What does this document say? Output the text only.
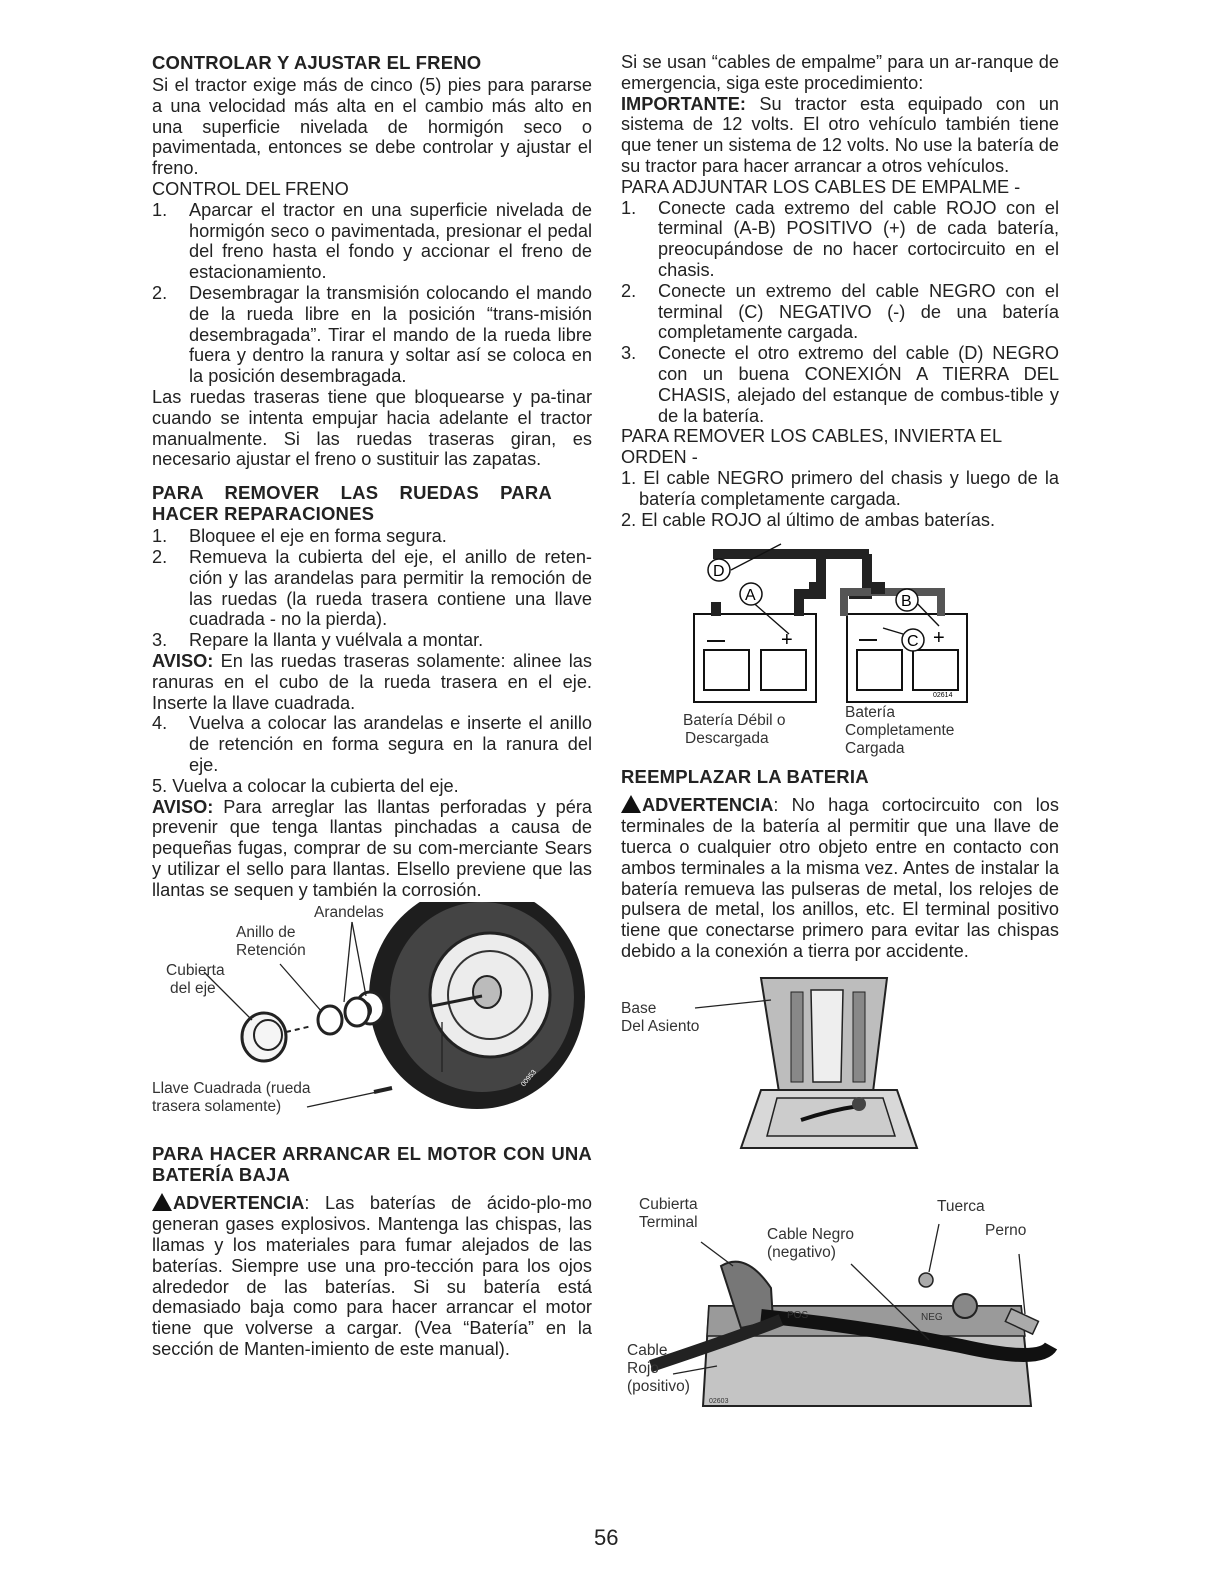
CONTROLAR Y AJUSTAR EL FRENO

Si el tractor exige más de cinco (5) pies para pararse a una velocidad más alta en el cambio más alto en una superficie nivelada de hormigón seco o pavimentada, entonces se debe controlar y ajustar el freno.

CONTROL DEL FRENO

1. Aparcar el tractor en una superficie nivelada de hormigón seco o pavimentada, presionar el pedal del freno hasta el fondo y accionar el freno de estacionamiento.
2. Desembragar la transmisión colocando el mando de la rueda libre en la posición “trans-misión desembragada”. Tirar el mando de la rueda libre fuera y dentro la ranura y soltar así se coloca en la posición desembragada.

Las ruedas traseras tiene que bloquearse y pa-tinar cuando se intenta empujar hacia adelante el tractor manualmente. Si las ruedas traseras giran, es necesario ajustar el freno o sustituir las zapatas.

PARA REMOVER LAS RUEDAS PARA HACER REPARACIONES

1. Bloquee el eje en forma segura.
2. Remueva la cubierta del eje, el anillo de reten-ción y las arandelas para permitir la remoción de las ruedas (la rueda trasera contiene una llave cuadrada - no la pierda).
3. Repare la llanta y vuélvala a montar.

AVISO: En las ruedas traseras solamente: alinee las ranuras en el cubo de la rueda trasera en el eje. Inserte la llave cuadrada.

4. Vuelva a colocar las arandelas e inserte el anillo de retención en forma segura en la ranura del eje.

5. Vuelva a colocar la cubierta del eje.

AVISO: Para arreglar las llantas perforadas y péra prevenir que tenga llantas pinchadas a causa de pequeñas fugas, comprar de su com-merciante Sears y utilizar el sello para llantas. Elsello previene que las llantas se sequen y también la corrosión.

00953
Arandelas
Anillo de
Retención
Cubierta
del eje
Llave Cuadrada (rueda
trasera solamente)

PARA HACER ARRANCAR EL MOTOR CON UNA BATERÍA BAJA

ADVERTENCIA: Las baterías de ácido-plo-mo generan gases explosivos. Mantenga las chispas, las llamas y los materiales para fumar alejados de las baterías. Siempre use una pro-tección para los ojos alrededor de las baterías. Si su batería está demasiado baja como para hacer arrancar el motor tiene que volverse a cargar. (Vea “Batería” en la sección de Manten-imiento de este manual).

Si se usan “cables de empalme” para un ar-ranque de emergencia, siga este procedimiento:

IMPORTANTE: Su tractor esta equipado con un sistema de 12 volts. El otro vehículo también tiene que tener un sistema de 12 volts. No use la batería de su tractor para hacer arrancar a otros vehículos.

PARA ADJUNTAR LOS CABLES DE EMPALME -

1. Conecte cada extremo del cable ROJO con el terminal (A-B) POSITIVO (+) de cada batería, preocupándose de no hacer cortocircuito en el chasis.
2. Conecte un extremo del cable NEGRO con el terminal (C) NEGATIVO (-) de una batería completamente cargada.
3. Conecte el otro extremo del cable (D) NEGRO con un buena CONEXIÓN A TIERRA DEL CHASIS, alejado del estanque de combus-tible y de la batería.

PARA REMOVER LOS CABLES, INVIERTA EL ORDEN -

1. El cable NEGRO primero del chasis y luego de la batería completamente cargada.

2. El cable ROJO al último de ambas baterías.

+	+
D
A	B
C
02614
Batería Débil o
Descargada
Batería
Completamente
Cargada

REEMPLAZAR LA BATERIA

ADVERTENCIA: No haga cortocircuito con los terminales de la batería al permitir que una llave de tuerca o cualquier otro objeto entre en contacto con ambos terminales a la misma vez. Antes de instalar la batería remueva las pulseras de metal, los relojes de pulsera de metal, los anillos, etc. El terminal positivo tiene que conectarse primero para evitar las chispas debido a la conexión a tierra por accidente.

Base
Del Asiento
POS	NEG
02603
Cubierta
Terminal
Tuerca
Perno
Cable Negro
(negativo)
Cable
Rojo
(positivo)
56
